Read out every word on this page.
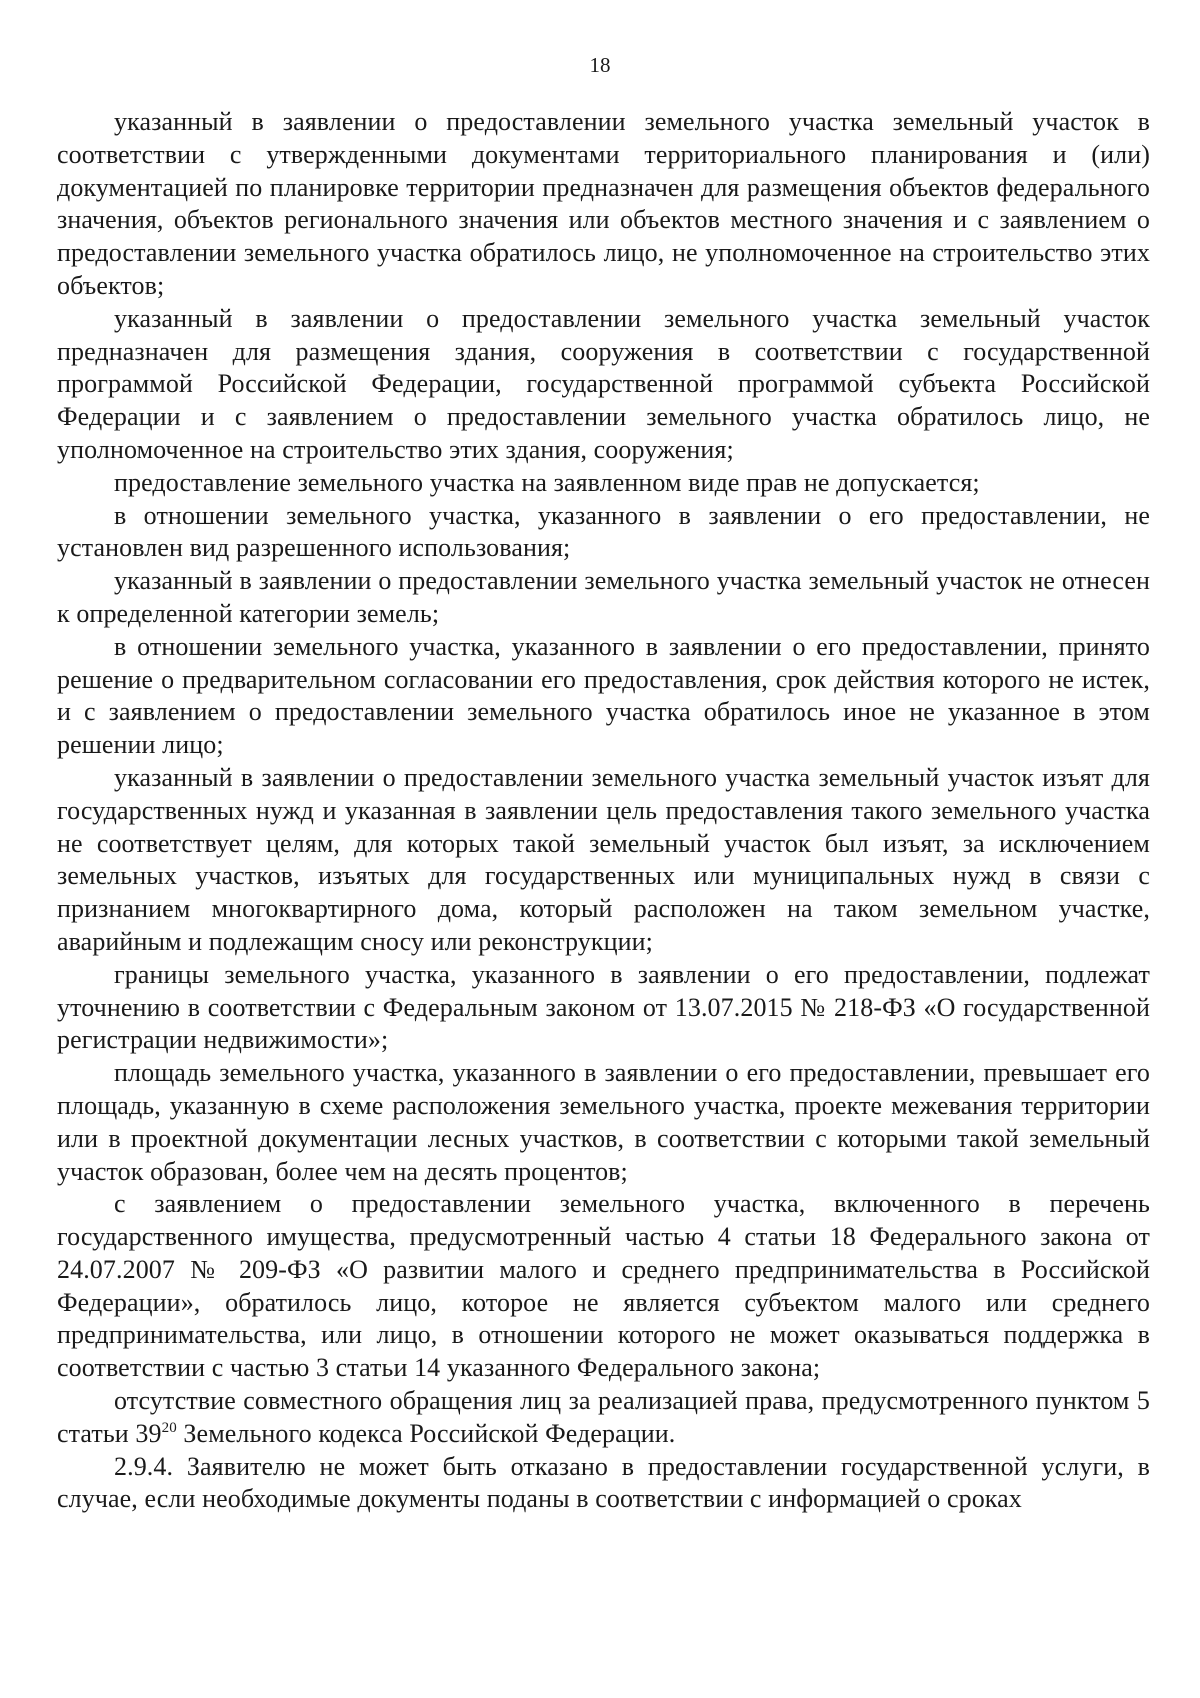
18

указанный в заявлении о предоставлении земельного участка земельный участок в соответствии с утвержденными документами территориального планирования и (или) документацией по планировке территории предназначен для размещения объектов федерального значения, объектов регионального значения или объектов местного значения и с заявлением о предоставлении земельного участка обратилось лицо, не уполномоченное на строительство этих объектов;

указанный в заявлении о предоставлении земельного участка земельный участок предназначен для размещения здания, сооружения в соответствии с государственной программой Российской Федерации, государственной программой субъекта Российской Федерации и с заявлением о предоставлении земельного участка обратилось лицо, не уполномоченное на строительство этих здания, сооружения;

предоставление земельного участка на заявленном виде прав не допускается;

в отношении земельного участка, указанного в заявлении о его предоставлении, не установлен вид разрешенного использования;

указанный в заявлении о предоставлении земельного участка земельный участок не отнесен к определенной категории земель;

в отношении земельного участка, указанного в заявлении о его предоставлении, принято решение о предварительном согласовании его предоставления, срок действия которого не истек, и с заявлением о предоставлении земельного участка обратилось иное не указанное в этом решении лицо;

указанный в заявлении о предоставлении земельного участка земельный участок изъят для государственных нужд и указанная в заявлении цель предоставления такого земельного участка не соответствует целям, для которых такой земельный участок был изъят, за исключением земельных участков, изъятых для государственных или муниципальных нужд в связи с признанием многоквартирного дома, который расположен на таком земельном участке, аварийным и подлежащим сносу или реконструкции;

границы земельного участка, указанного в заявлении о его предоставлении, подлежат уточнению в соответствии с Федеральным законом от 13.07.2015 № 218-ФЗ «О государственной регистрации недвижимости»;

площадь земельного участка, указанного в заявлении о его предоставлении, превышает его площадь, указанную в схеме расположения земельного участка, проекте межевания территории или в проектной документации лесных участков, в соответствии с которыми такой земельный участок образован, более чем на десять процентов;

с заявлением о предоставлении земельного участка, включенного в перечень государственного имущества, предусмотренный частью 4 статьи 18 Федерального закона от 24.07.2007 № 209-ФЗ «О развитии малого и среднего предпринимательства в Российской Федерации», обратилось лицо, которое не является субъектом малого или среднего предпринимательства, или лицо, в отношении которого не может оказываться поддержка в соответствии с частью 3 статьи 14 указанного Федерального закона;

отсутствие совместного обращения лиц за реализацией права, предусмотренного пунктом 5 статьи $39^{20}$ Земельного кодекса Российской Федерации.

2.9.4. Заявителю не может быть отказано в предоставлении государственной услуги, в случае, если необходимые документы поданы в соответствии с информацией о сроках
